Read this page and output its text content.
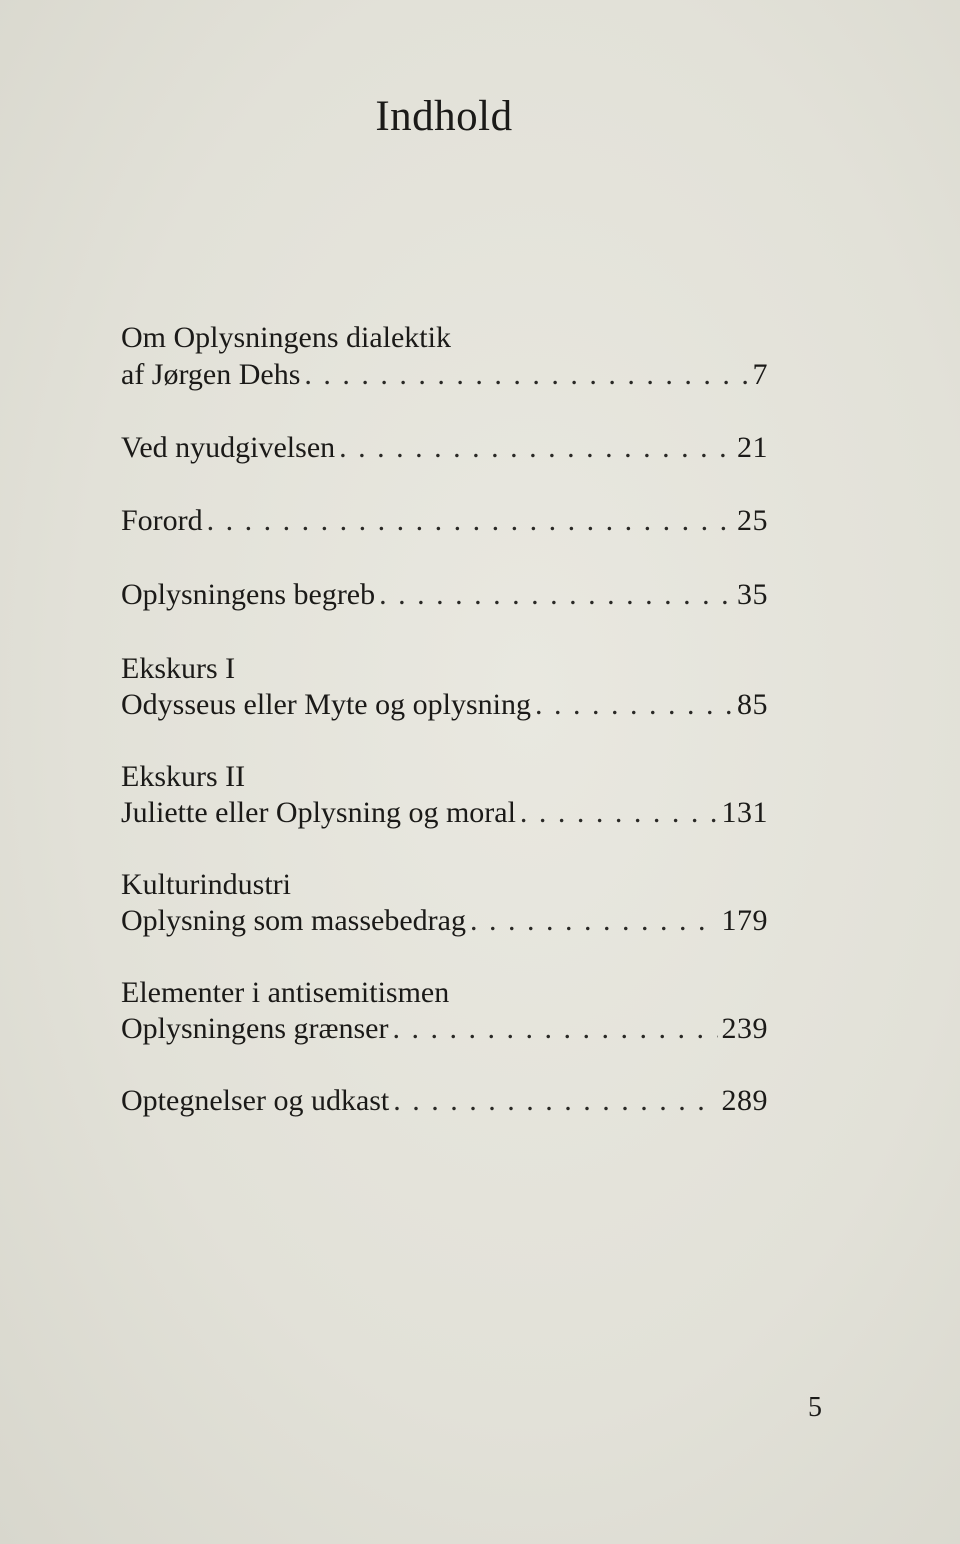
Indhold
Om Oplysningens dialektik
af Jørgen Dehs . . .	7
Ved nyudgivelsen . . .	21
Forord . . .	25
Oplysningens begreb . . .	35
Ekskurs I
Odysseus eller Myte og oplysning . . .	85
Ekskurs II
Juliette eller Oplysning og moral . . .	131
Kulturindustri
Oplysning som massebedrag . . .	179
Elementer i antisemitismen
Oplysningens grænser . . .	239
Optegnelser og udkast . . .	289
5
